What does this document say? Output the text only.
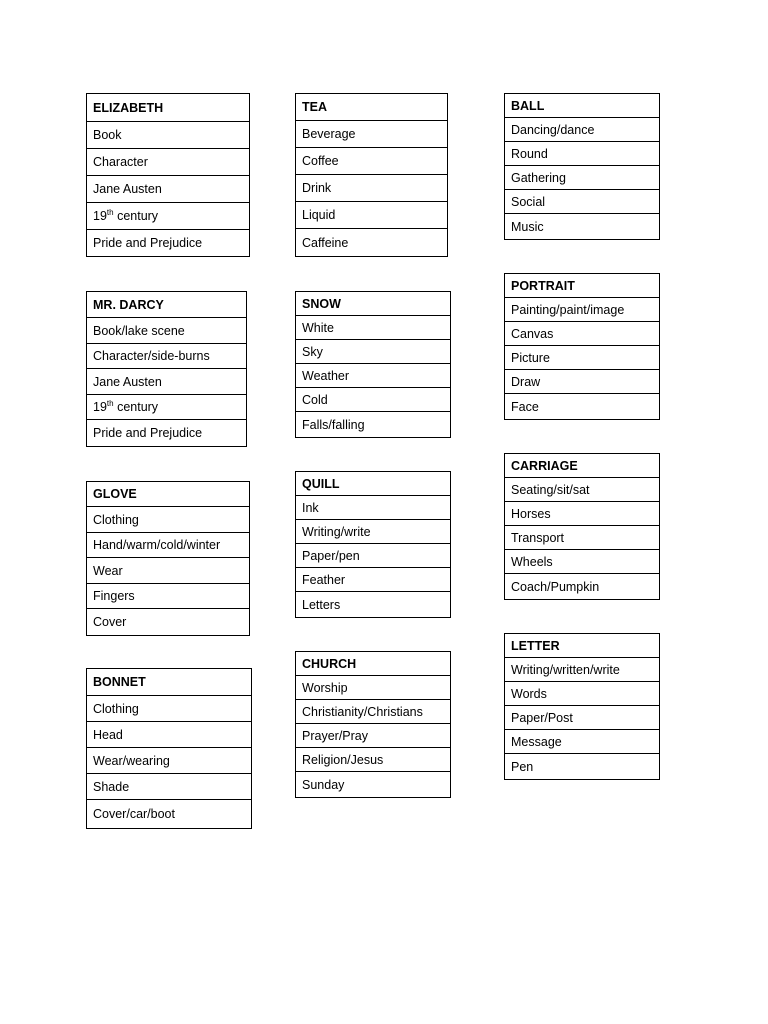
ELIZABETH
Book
Character
Jane Austen
19th century
Pride and Prejudice
TEA
Beverage
Coffee
Drink
Liquid
Caffeine
BALL
Dancing/dance
Round
Gathering
Social
Music
MR. DARCY
Book/lake scene
Character/side-burns
Jane Austen
19th century
Pride and Prejudice
SNOW
White
Sky
Weather
Cold
Falls/falling
PORTRAIT
Painting/paint/image
Canvas
Picture
Draw
Face
GLOVE
Clothing
Hand/warm/cold/winter
Wear
Fingers
Cover
QUILL
Ink
Writing/write
Paper/pen
Feather
Letters
CARRIAGE
Seating/sit/sat
Horses
Transport
Wheels
Coach/Pumpkin
BONNET
Clothing
Head
Wear/wearing
Shade
Cover/car/boot
CHURCH
Worship
Christianity/Christians
Prayer/Pray
Religion/Jesus
Sunday
LETTER
Writing/written/write
Words
Paper/Post
Message
Pen
